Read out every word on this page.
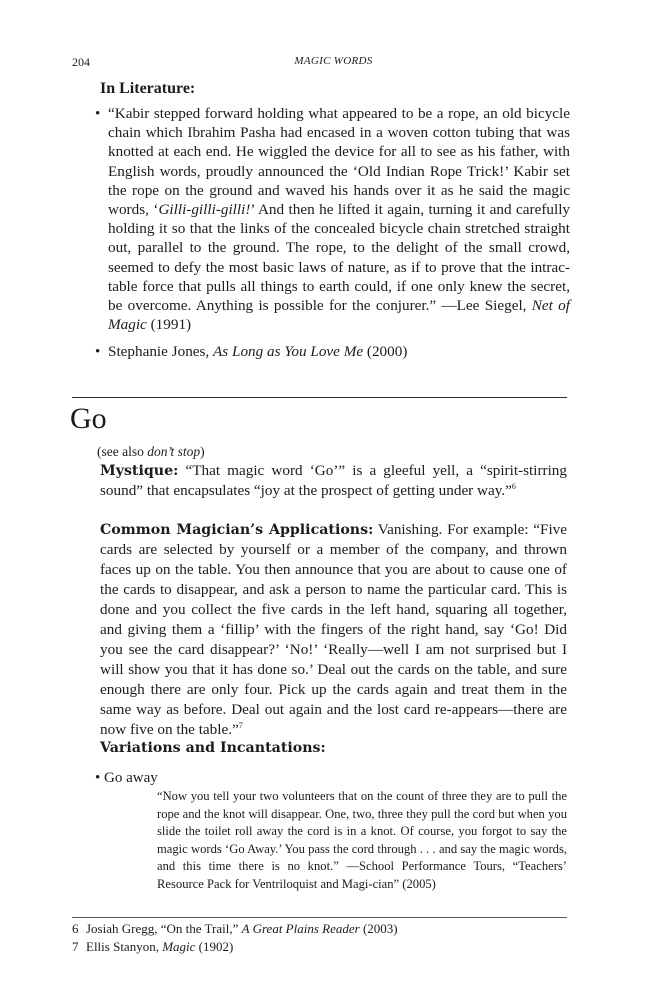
204	MAGIC WORDS
In Literature:
• “Kabir stepped forward holding what appeared to be a rope, an old bicycle chain which Ibrahim Pasha had encased in a woven cotton tubing that was knotted at each end. He wiggled the device for all to see as his father, with English words, proudly announced the ‘Old Indian Rope Trick!’ Kabir set the rope on the ground and waved his hands over it as he said the magic words, ‘Gilli-gilli-gilli!’ And then he lifted it again, turning it and carefully holding it so that the links of the concealed bicycle chain stretched straight out, parallel to the ground. The rope, to the delight of the small crowd, seemed to defy the most basic laws of nature, as if to prove that the intrac-table force that pulls all things to earth could, if one only knew the secret, be overcome. Anything is possible for the conjurer.” —Lee Siegel, Net of Magic (1991)
• Stephanie Jones, As Long as You Love Me (2000)
Go
(see also don’t stop)
Mystique: “That magic word ‘Go’” is a gleeful yell, a “spirit-stirring sound” that encapsulates “joy at the prospect of getting under way.”$^6$
Common Magician’s Applications: Vanishing. For example: “Five cards are selected by yourself or a member of the company, and thrown faces up on the table. You then announce that you are about to cause one of the cards to disappear, and ask a person to name the particular card. This is done and you collect the five cards in the left hand, squaring all together, and giving them a ‘fillip’ with the fingers of the right hand, say ‘Go! Did you see the card disappear?’ ‘No!’ ‘Really—well I am not surprised but I will show you that it has done so.’ Deal out the cards on the table, and sure enough there are only four. Pick up the cards again and treat them in the same way as before. Deal out again and the lost card re-appears—there are now five on the table.”$^7$
Variations and Incantations:
• Go away
“Now you tell your two volunteers that on the count of three they are to pull the rope and the knot will disappear. One, two, three they pull the cord but when you slide the toilet roll away the cord is in a knot. Of course, you forgot to say the magic words ‘Go Away.’ You pass the cord through . . . and say the magic words, and this time there is no knot.” —School Performance Tours, “Teachers’ Resource Pack for Ventriloquist and Magi-cian” (2005)
6 Josiah Gregg, “On the Trail,” A Great Plains Reader (2003)
7 Ellis Stanyon, Magic (1902)
